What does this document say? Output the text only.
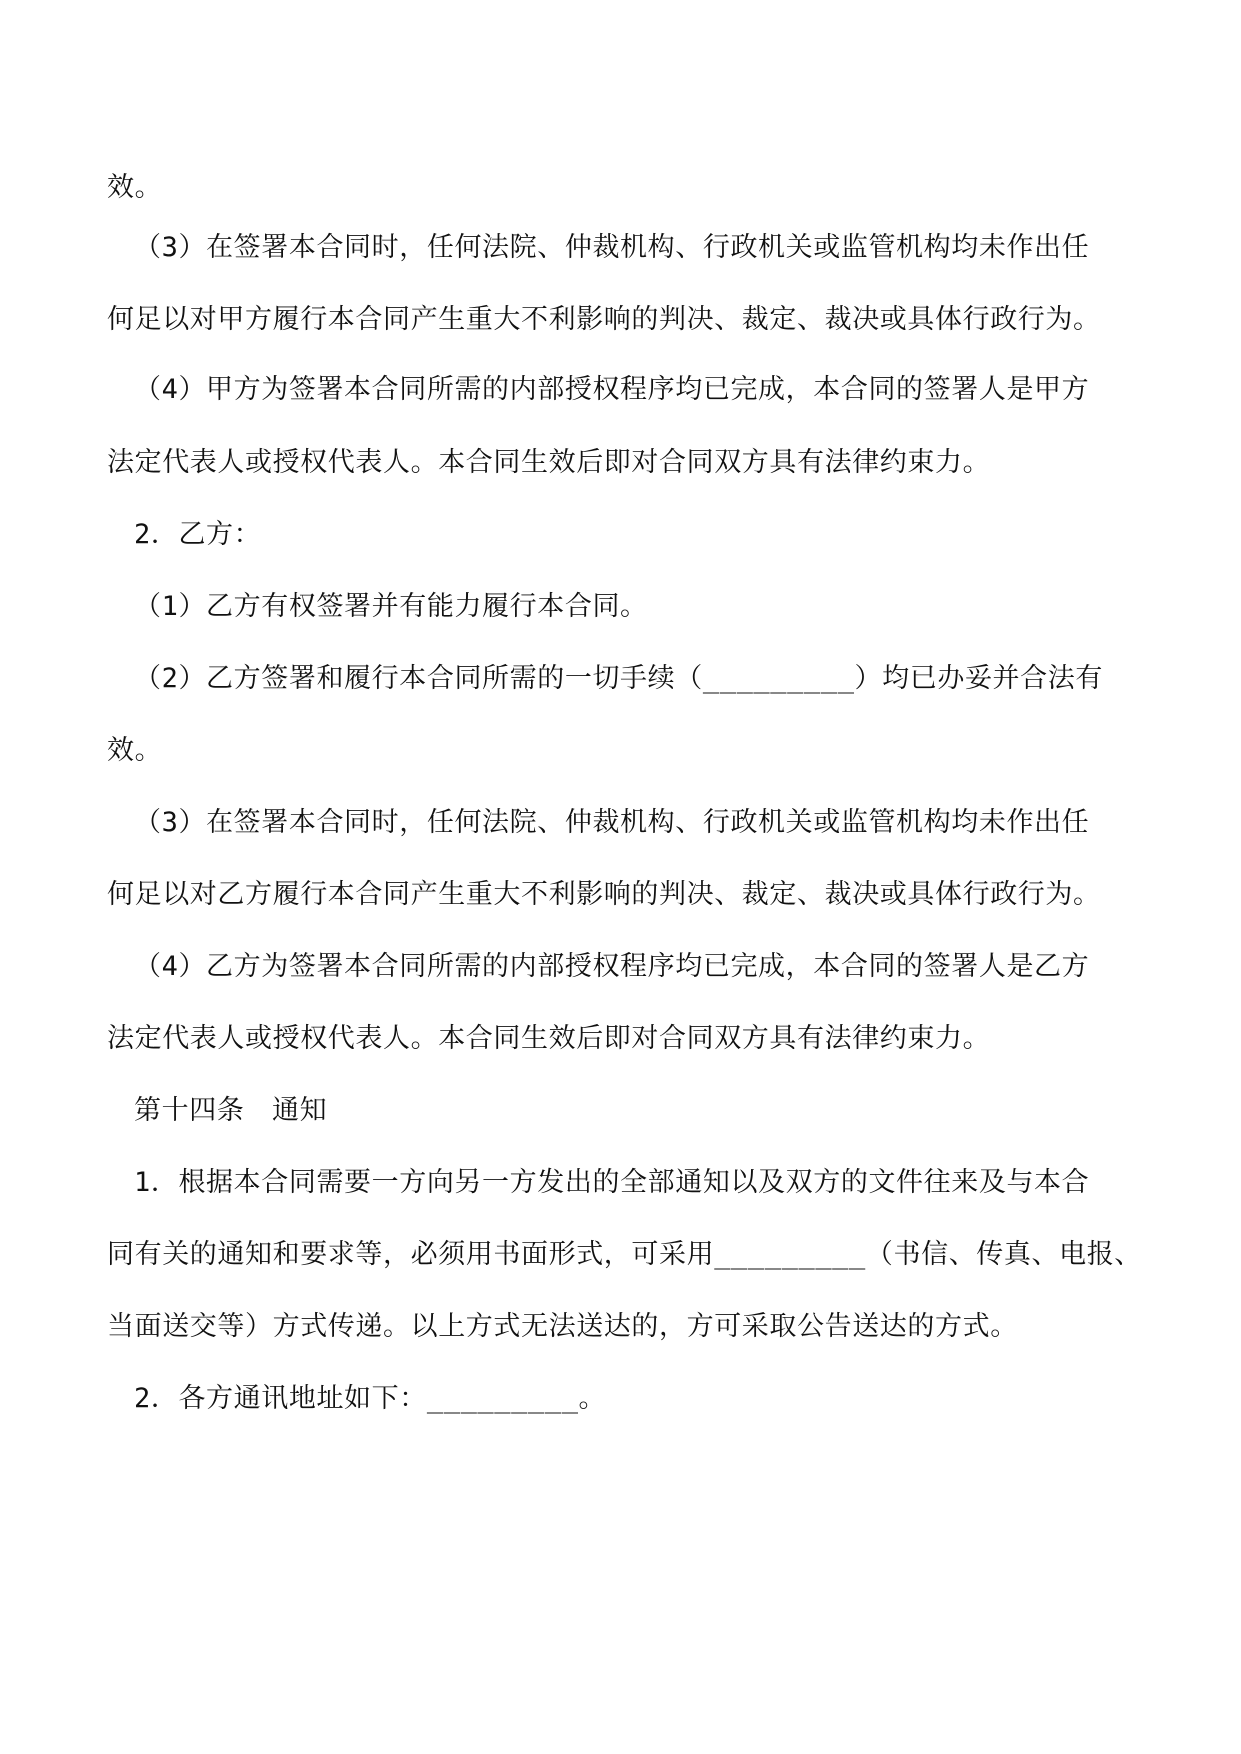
效。
（3）在签署本合同时，任何法院、仲裁机构、行政机关或监管机构均未作出任
何足以对甲方履行本合同产生重大不利影响的判决、裁定、裁决或具体行政行为。
（4）甲方为签署本合同所需的内部授权程序均已完成，本合同的签署人是甲方
法定代表人或授权代表人。本合同生效后即对合同双方具有法律约束力。
2．乙方：
（1）乙方有权签署并有能力履行本合同。
（2）乙方签署和履行本合同所需的一切手续（_________）均已办妥并合法有
效。
（3）在签署本合同时，任何法院、仲裁机构、行政机关或监管机构均未作出任
何足以对乙方履行本合同产生重大不利影响的判决、裁定、裁决或具体行政行为。
（4）乙方为签署本合同所需的内部授权程序均已完成，本合同的签署人是乙方
法定代表人或授权代表人。本合同生效后即对合同双方具有法律约束力。
第十四条　通知
1．根据本合同需要一方向另一方发出的全部通知以及双方的文件往来及与本合
同有关的通知和要求等，必须用书面形式，可采用_________（书信、传真、电报、
当面送交等）方式传递。以上方式无法送达的，方可采取公告送达的方式。
2．各方通讯地址如下：_________。
